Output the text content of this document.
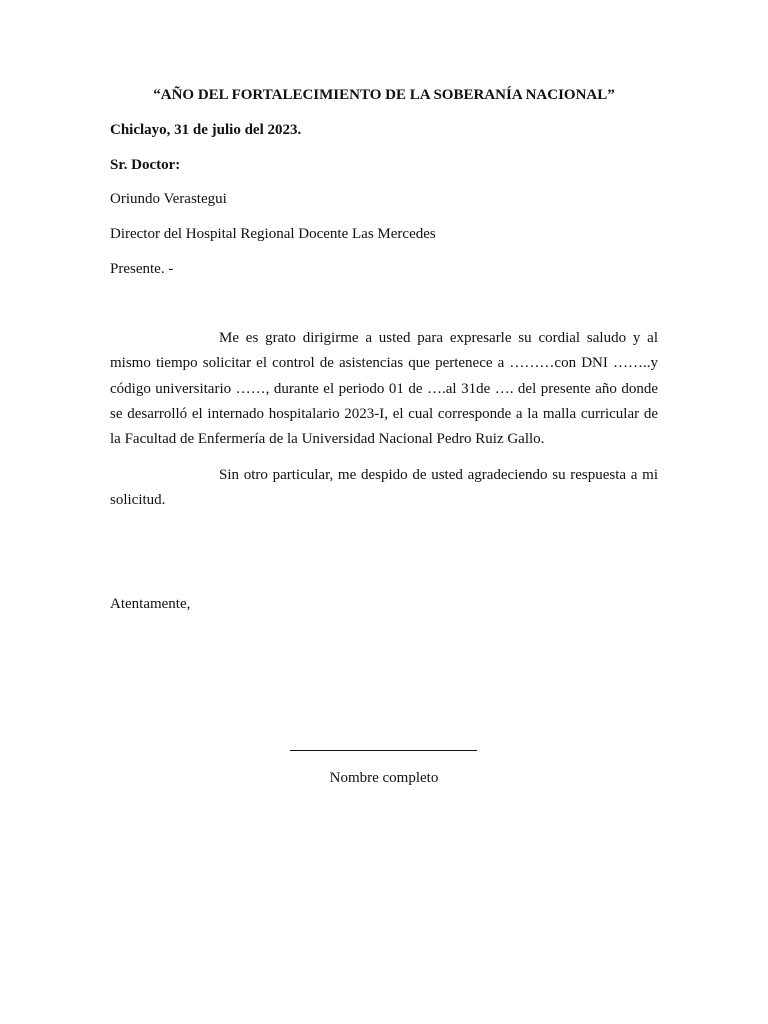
“AÑO DEL FORTALECIMIENTO DE LA SOBERANÍA NACIONAL”

Chiclayo, 31 de julio del 2023.

Sr. Doctor:

Oriundo Verastegui

Director del Hospital Regional Docente Las Mercedes

Presente. -

Me es grato dirigirme a usted para expresarle su cordial saludo y al mismo tiempo solicitar el control de asistencias que pertenece a ………con DNI ……..y código universitario ……, durante el periodo 01 de ….al 31de …. del presente año donde se desarrolló el internado hospitalario 2023-I, el cual corresponde a la malla curricular de la Facultad de Enfermería de la Universidad Nacional Pedro Ruiz Gallo.

Sin otro particular, me despido de usted agradeciendo su respuesta a mi solicitud.

Atentamente,

Nombre completo
